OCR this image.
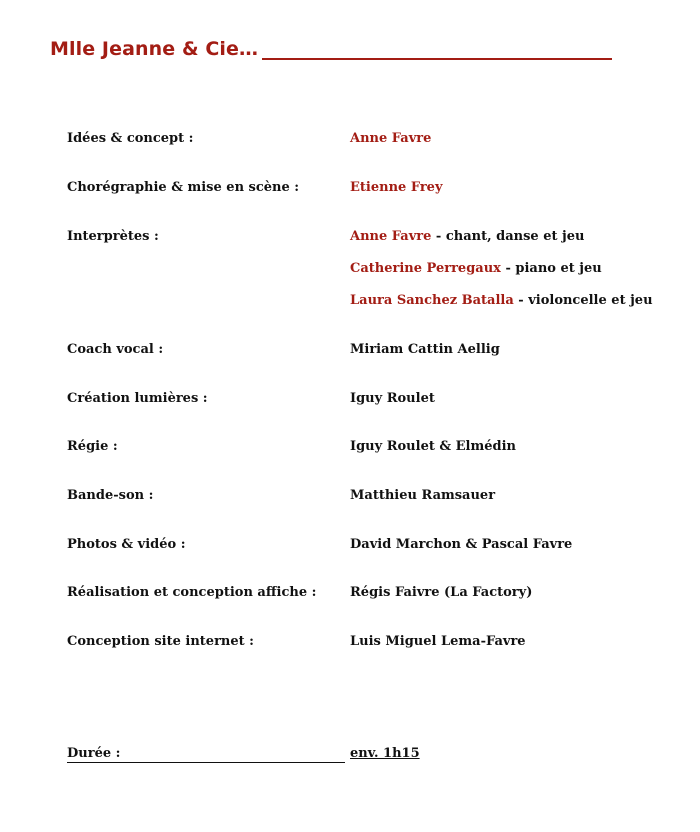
Mlle Jeanne & Cie…
Idées & concept :	Anne Favre
Chorégraphie & mise en scène :	Etienne Frey
Interprètes :	Anne Favre - chant, danse et jeu
Catherine Perregaux - piano et jeu
Laura Sanchez Batalla - violoncelle et jeu
Coach vocal :	Miriam Cattin Aellig
Création lumières :	Iguy Roulet
Régie :	Iguy Roulet & Elmédin
Bande-son :	Matthieu Ramsauer
Photos & vidéo :	David Marchon & Pascal Favre
Réalisation et conception affiche :	Régis Faivre (La Factory)
Conception site internet :	Luis Miguel Lema-Favre
Durée :	env. 1h15
